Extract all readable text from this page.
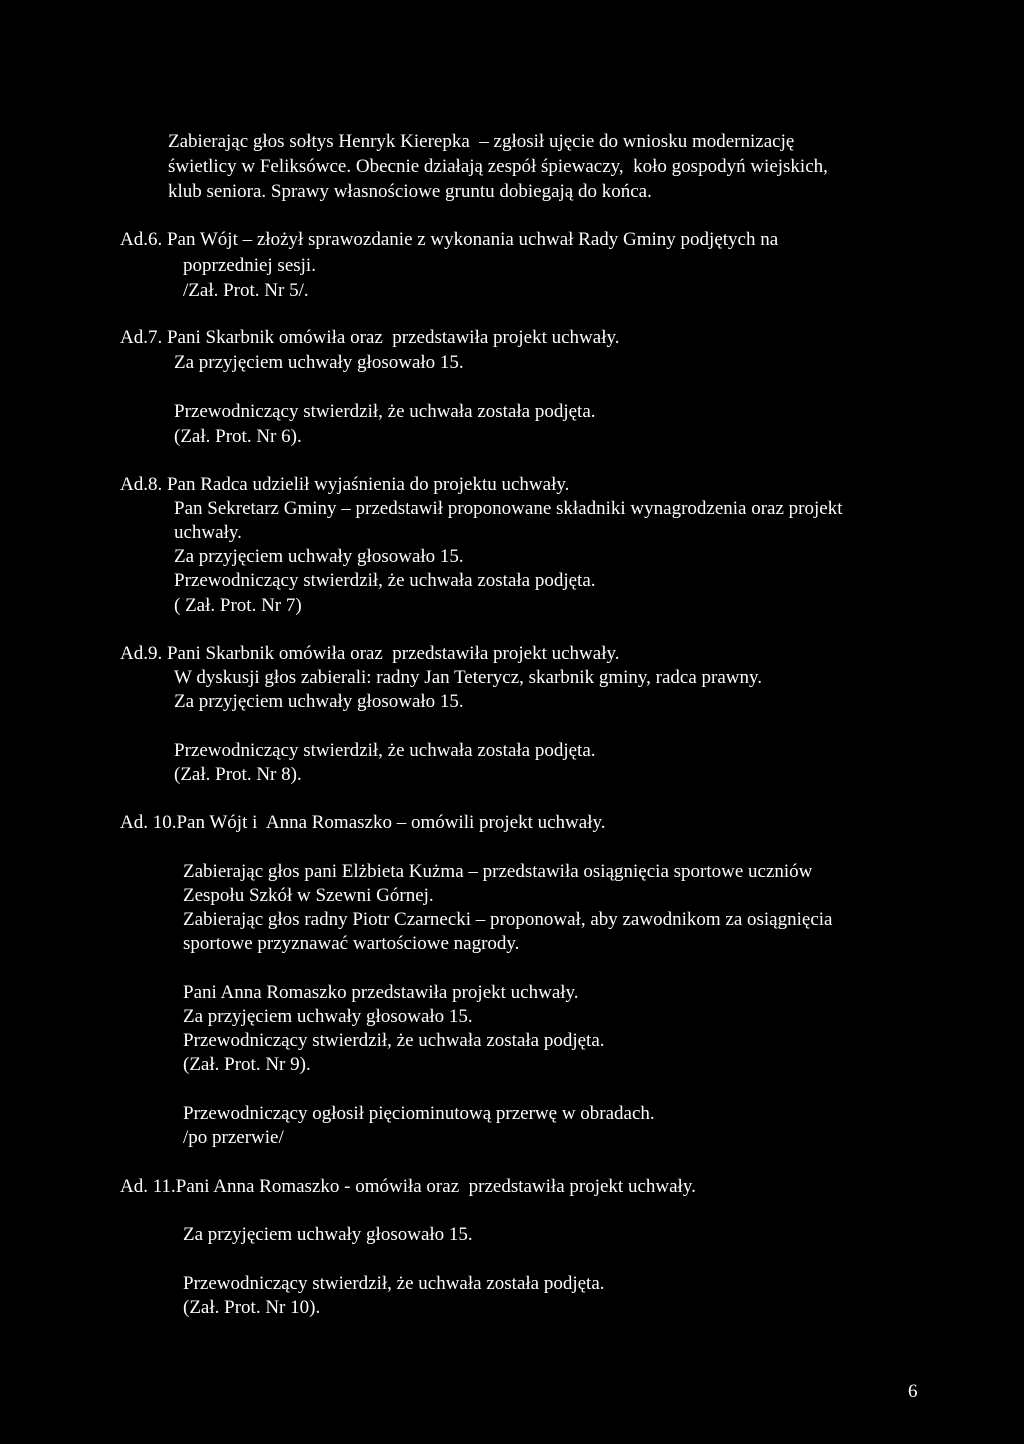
Zabierając głos sołtys Henryk Kierepka  – zgłosił ujęcie do wniosku modernizację
świetlicy w Feliksówce. Obecnie działają zespół śpiewaczy,  koło gospodyń wiejskich,
klub seniora. Sprawy własnościowe gruntu dobiegają do końca.
Ad.6. Pan Wójt – złożył sprawozdanie z wykonania uchwał Rady Gminy podjętych na
poprzedniej sesji.
/Zał. Prot. Nr 5/.
Ad.7. Pani Skarbnik omówiła oraz  przedstawiła projekt uchwały.
Za przyjęciem uchwały głosowało 15.
Przewodniczący stwierdził, że uchwała została podjęta.
(Zał. Prot. Nr 6).
Ad.8. Pan Radca udzielił wyjaśnienia do projektu uchwały.
Pan Sekretarz Gminy – przedstawił proponowane składniki wynagrodzenia oraz projekt
uchwały.
Za przyjęciem uchwały głosowało 15.
Przewodniczący stwierdził, że uchwała została podjęta.
( Zał. Prot. Nr 7)
Ad.9. Pani Skarbnik omówiła oraz  przedstawiła projekt uchwały.
W dyskusji głos zabierali: radny Jan Teterycz, skarbnik gminy, radca prawny.
Za przyjęciem uchwały głosowało 15.
Przewodniczący stwierdził, że uchwała została podjęta.
(Zał. Prot. Nr 8).
Ad. 10.Pan Wójt i  Anna Romaszko – omówili projekt uchwały.
Zabierając głos pani Elżbieta Kużma – przedstawiła osiągnięcia sportowe uczniów
Zespołu Szkół w Szewni Górnej.
Zabierając głos radny Piotr Czarnecki – proponował, aby zawodnikom za osiągnięcia
sportowe przyznawać wartościowe nagrody.
Pani Anna Romaszko przedstawiła projekt uchwały.
Za przyjęciem uchwały głosowało 15.
Przewodniczący stwierdził, że uchwała została podjęta.
(Zał. Prot. Nr 9).
Przewodniczący ogłosił pięciominutową przerwę w obradach.
/po przerwie/
Ad. 11.Pani Anna Romaszko - omówiła oraz  przedstawiła projekt uchwały.
Za przyjęciem uchwały głosowało 15.
Przewodniczący stwierdził, że uchwała została podjęta.
(Zał. Prot. Nr 10).
6
